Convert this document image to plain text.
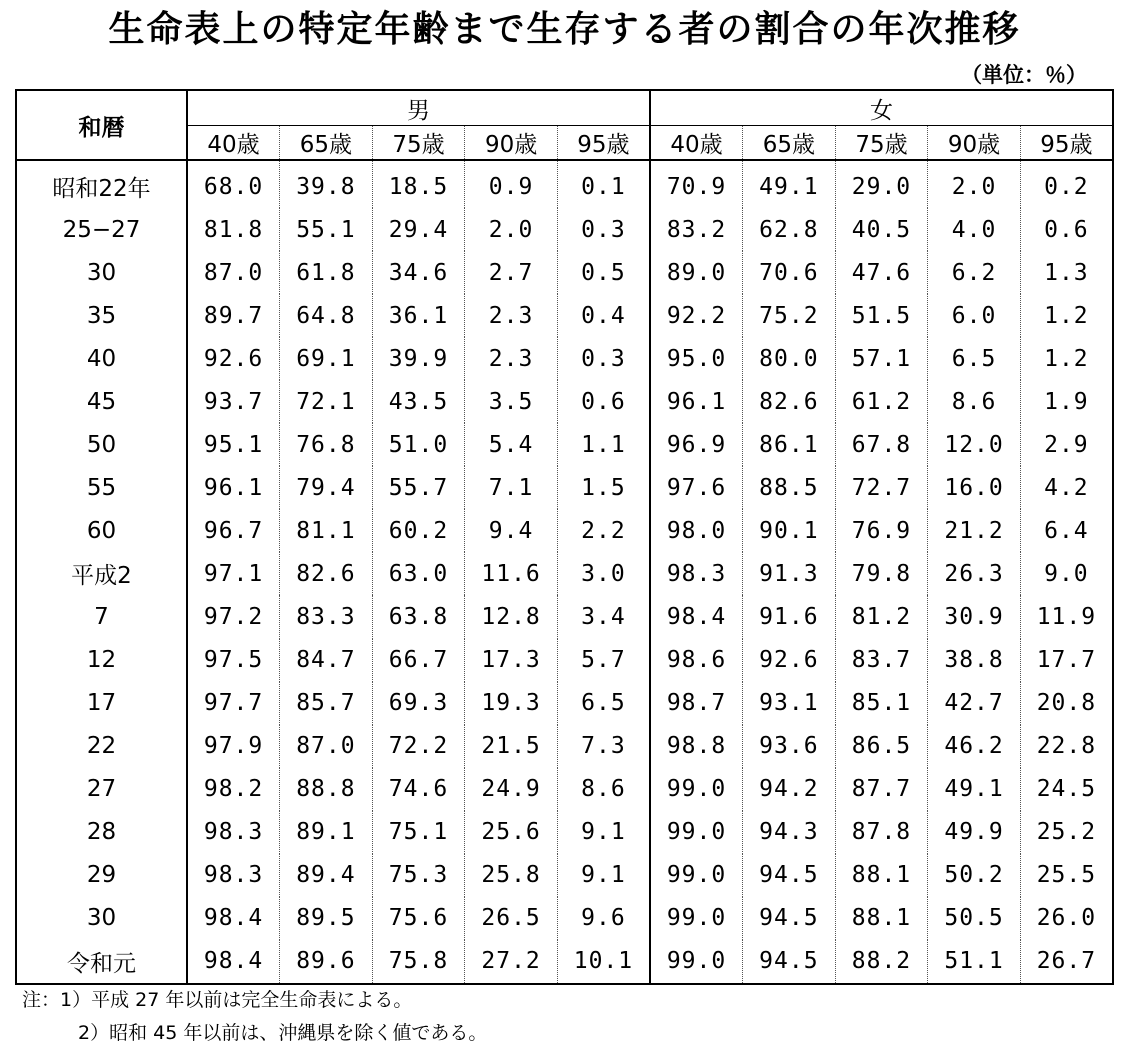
生命表上の特定年齢まで生存する者の割合の年次推移
（単位：％）
和暦	男					女				
	40歳	65歳	75歳	90歳	95歳	40歳	65歳	75歳	90歳	95歳
昭和22年	68.0	39.8	18.5	0.9	0.1	70.9	49.1	29.0	2.0	0.2
25−27	81.8	55.1	29.4	2.0	0.3	83.2	62.8	40.5	4.0	0.6
30	87.0	61.8	34.6	2.7	0.5	89.0	70.6	47.6	6.2	1.3
35	89.7	64.8	36.1	2.3	0.4	92.2	75.2	51.5	6.0	1.2
40	92.6	69.1	39.9	2.3	0.3	95.0	80.0	57.1	6.5	1.2
45	93.7	72.1	43.5	3.5	0.6	96.1	82.6	61.2	8.6	1.9
50	95.1	76.8	51.0	5.4	1.1	96.9	86.1	67.8	12.0	2.9
55	96.1	79.4	55.7	7.1	1.5	97.6	88.5	72.7	16.0	4.2
60	96.7	81.1	60.2	9.4	2.2	98.0	90.1	76.9	21.2	6.4
平成2	97.1	82.6	63.0	11.6	3.0	98.3	91.3	79.8	26.3	9.0
7	97.2	83.3	63.8	12.8	3.4	98.4	91.6	81.2	30.9	11.9
12	97.5	84.7	66.7	17.3	5.7	98.6	92.6	83.7	38.8	17.7
17	97.7	85.7	69.3	19.3	6.5	98.7	93.1	85.1	42.7	20.8
22	97.9	87.0	72.2	21.5	7.3	98.8	93.6	86.5	46.2	22.8
27	98.2	88.8	74.6	24.9	8.6	99.0	94.2	87.7	49.1	24.5
28	98.3	89.1	75.1	25.6	9.1	99.0	94.3	87.8	49.9	25.2
29	98.3	89.4	75.3	25.8	9.1	99.0	94.5	88.1	50.2	25.5
30	98.4	89.5	75.6	26.5	9.6	99.0	94.5	88.1	50.5	26.0
令和元	98.4	89.6	75.8	27.2	10.1	99.0	94.5	88.2	51.1	26.7
注：1）平成 27 年以前は完全生命表による。
2）昭和 45 年以前は、沖縄県を除く値である。
